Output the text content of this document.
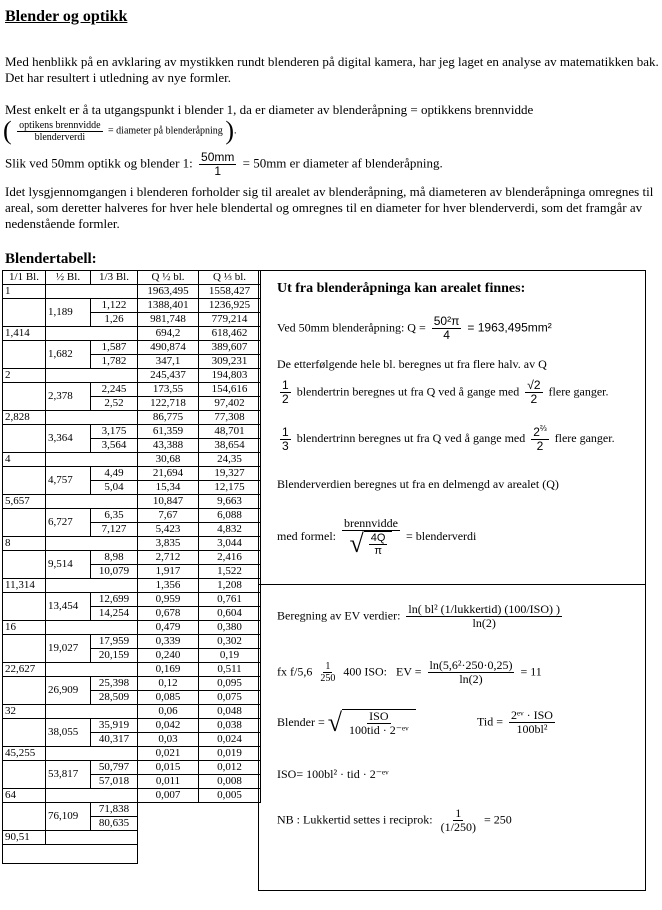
Blender og optikk
Med henblikk på en avklaring av mystikken rundt blenderen på digital kamera, har jeg laget en analyse av matematikken bak. Det har resultert i utledning av nye formler.
Mest enkelt er å ta utgangspunkt i blender 1, da er diameter av blenderåpning = optikkens brennvidde
( $\frac{\text{optikens brennvidde}}{\text{blenderverdi}}$ = diameter på blenderåpning ).
Slik ved 50mm optikk og blender 1: $\frac{50mm}{1} = 50mm$ er diameter af blenderåpning.
Idet lysgjennomgangen i blenderen forholder sig til arealet av blenderåpning, må diameteren av blenderåpninga omregnes til areal, som deretter halveres for hver hele blendertal og omregnes til en diameter for hver blenderverdi, som det framgår av nedenstående formler.
Blendertabell:
1/1 Bl.	½ Bl.	1/3 Bl.	Q ½ bl.	Q ⅓ bl.
1			1963,495	1558,427
	1,189	1,122	1388,401	1236,925
		1,26	981,748	779,214
1,414			694,2	618,462
	1,682	1,587	490,874	389,607
		1,782	347,1	309,231
2			245,437	194,803
	2,378	2,245	173,55	154,616
		2,52	122,718	97,402
2,828			86,775	77,308
	3,364	3,175	61,359	48,701
		3,564	43,388	38,654
4			30,68	24,35
	4,757	4,49	21,694	19,327
		5,04	15,34	12,175
5,657			10,847	9,663
	6,727	6,35	7,67	6,088
		7,127	5,423	4,832
8			3,835	3,044
	9,514	8,98	2,712	2,416
		10,079	1,917	1,522
11,314			1,356	1,208
	13,454	12,699	0,959	0,761
		14,254	0,678	0,604
16			0,479	0,380
	19,027	17,959	0,339	0,302
		20,159	0,240	0,19
22,627			0,169	0,511
	26,909	25,398	0,12	0,095
		28,509	0,085	0,075
32			0,06	0,048
	38,055	35,919	0,042	0,038
		40,317	0,03	0,024
45,255			0,021	0,019
	53,817	50,797	0,015	0,012
		57,018	0,011	0,008
64			0,007	0,005
	76,109	71,838		
		80,635		
90,51				

Ut fra blenderåpninga kan arealet finnes:
Ved 50mm blenderåpning: $Q = \frac{\text{50²π}}{4} = 1963,495mm^2$
De etterfølgende hele bl. beregnes ut fra flere halv. av Q
$\frac{1}{2}$ blendertrin beregnes ut fra Q ved å gange med $\frac{√2}{2}$ flere ganger.
$\frac{1}{3}$ blendertrinn beregnes ut fra Q ved å gange med $\frac{2^{\frac{2}{3}}}{2}$ flere ganger.
Blenderverdien beregnes ut fra en delmengd av arealet (Q)
med formel: $\frac{\text{brennvidde}}{√ \frac{4Q}{\pi}}$ = blenderverdi
Beregning av EV verdier: $\frac{\text{ln( bl² (1/lukkertid) (100/ISO) )}}{\ln(2)}$
fx $f/5,6 \frac{1}{250} 400$ ISO: EV = $\frac{\text{ln(5,6²·250·0,25)}}{\ln(2)} = 11$
Blender = √ $\frac{\text{ISO}}{\text{100tid · 2⁻ᵉᵛ}}$	Tid = $\frac{\text{2ᵉᵛ · ISO}}{\text{100bl²}}$
ISO= 100bl² · tid · 2⁻ᵉᵛ
NB : Lukkertid settes i reciprok: $\frac{1}{(1/250)} = 250$
